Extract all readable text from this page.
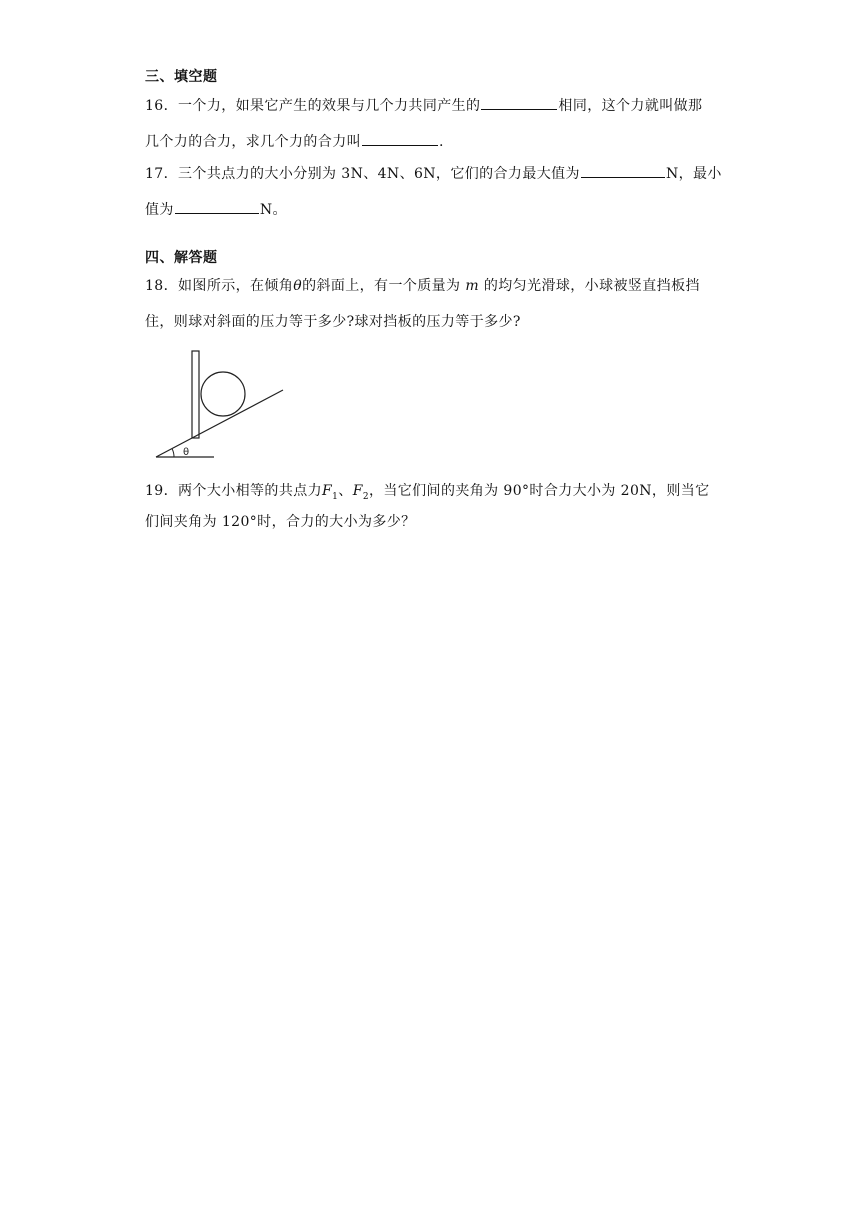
三、填空题
16．一个力，如果它产生的效果与几个力共同产生的	相同，这个力就叫做那
几个力的合力，求几个力的合力叫	.
17．三个共点力的大小分别为 3N、4N、6N，它们的合力最大值为	N，最小
值为	N。
四、解答题
18．如图所示，在倾角θ的斜面上，有一个质量为 m 的均匀光滑球，小球被竖直挡板挡
住，则球对斜面的压力等于多少?球对挡板的压力等于多少?
θ
19．两个大小相等的共点力$F_1$、$F_2$，当它们间的夹角为 90°时合力大小为 20N，则当它
们间夹角为 120°时，合力的大小为多少？
